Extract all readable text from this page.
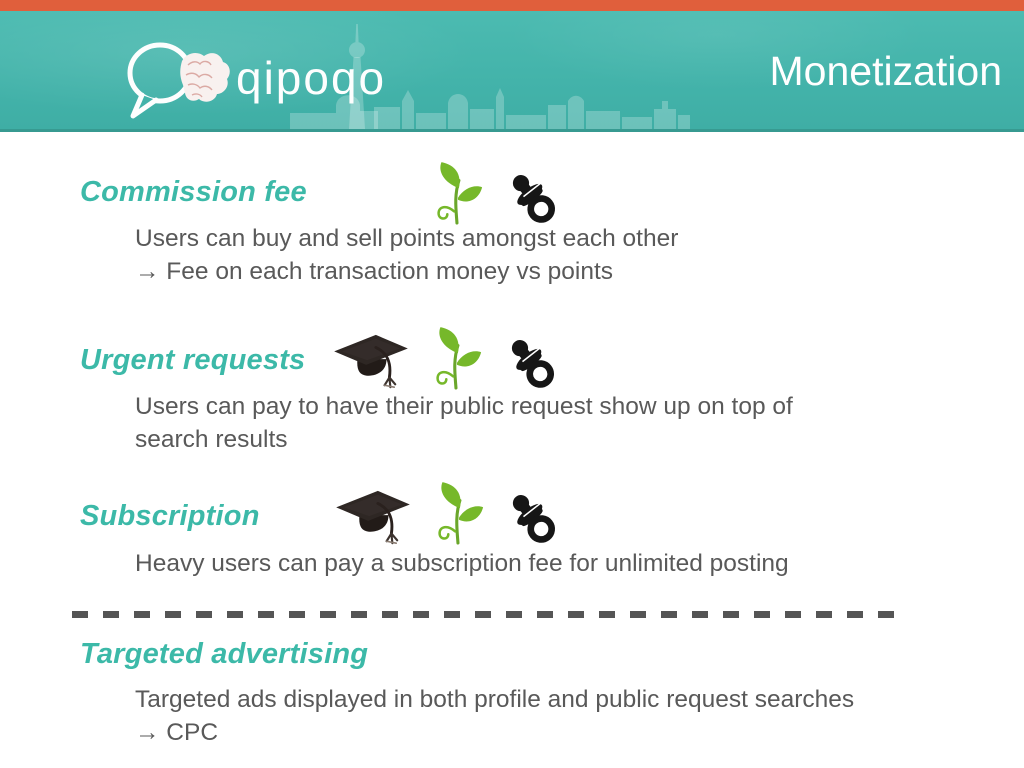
qipoqo	Monetization
Commission fee

Users can buy and sell points amongst each other

→ Fee on each transaction money vs points

Urgent requests

Users can pay to have their public request show up on top of

search results

Subscription

Heavy users can pay a subscription fee for unlimited posting

Targeted advertising

Targeted ads displayed in both profile and public request searches

→ CPC
